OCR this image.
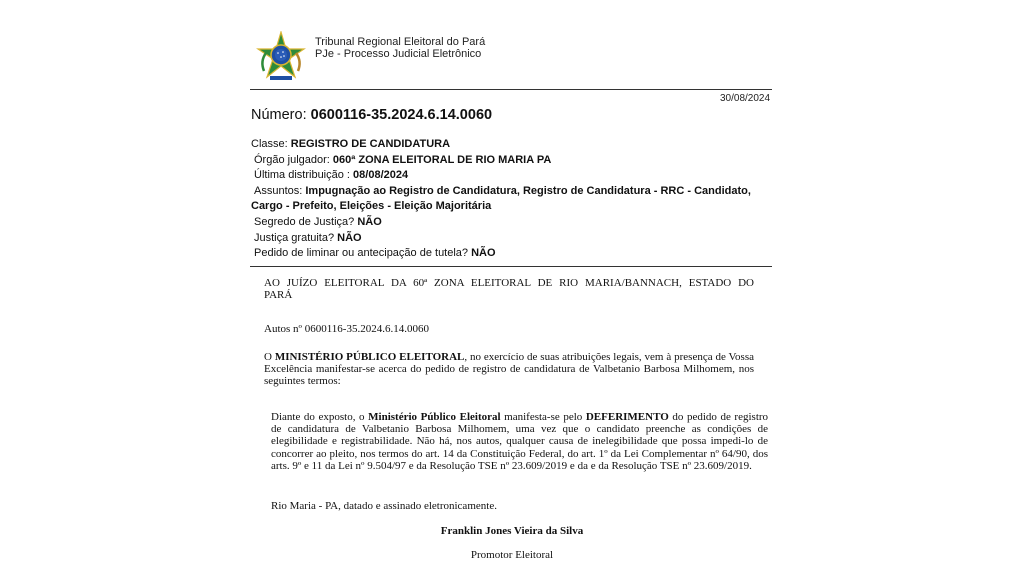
Tribunal Regional Eleitoral do Pará
PJe - Processo Judicial Eletrônico
30/08/2024
Número: 0600116-35.2024.6.14.0060
Classe: REGISTRO DE CANDIDATURA
Órgão julgador: 060ª ZONA ELEITORAL DE RIO MARIA PA
Última distribuição : 08/08/2024
Assuntos: Impugnação ao Registro de Candidatura, Registro de Candidatura - RRC - Candidato,
Cargo - Prefeito, Eleições - Eleição Majoritária
Segredo de Justiça? NÃO
Justiça gratuita? NÃO
Pedido de liminar ou antecipação de tutela? NÃO
AO JUÍZO ELEITORAL DA 60ª ZONA ELEITORAL DE RIO MARIA/BANNACH, ESTADO DO
PARÁ
Autos nº 0600116-35.2024.6.14.0060
O MINISTÉRIO PÚBLICO ELEITORAL, no exercício de suas atribuições legais, vem à presença de Vossa Excelência manifestar-se acerca do pedido de registro de candidatura de Valbetanio Barbosa Milhomem, nos seguintes termos:
Diante do exposto, o Ministério Público Eleitoral manifesta-se pelo DEFERIMENTO do pedido de registro de candidatura de Valbetanio Barbosa Milhomem, uma vez que o candidato preenche as condições de elegibilidade e registrabilidade. Não há, nos autos, qualquer causa de inelegibilidade que possa impedi-lo de concorrer ao pleito, nos termos do art. 14 da Constituição Federal, do art. 1º da Lei Complementar nº 64/90, dos arts. 9º e 11 da Lei nº 9.504/97 e da Resolução TSE nº 23.609/2019 e da e da Resolução TSE nº 23.609/2019.
Rio Maria - PA, datado e assinado eletronicamente.
Franklin Jones Vieira da Silva
Promotor Eleitoral
